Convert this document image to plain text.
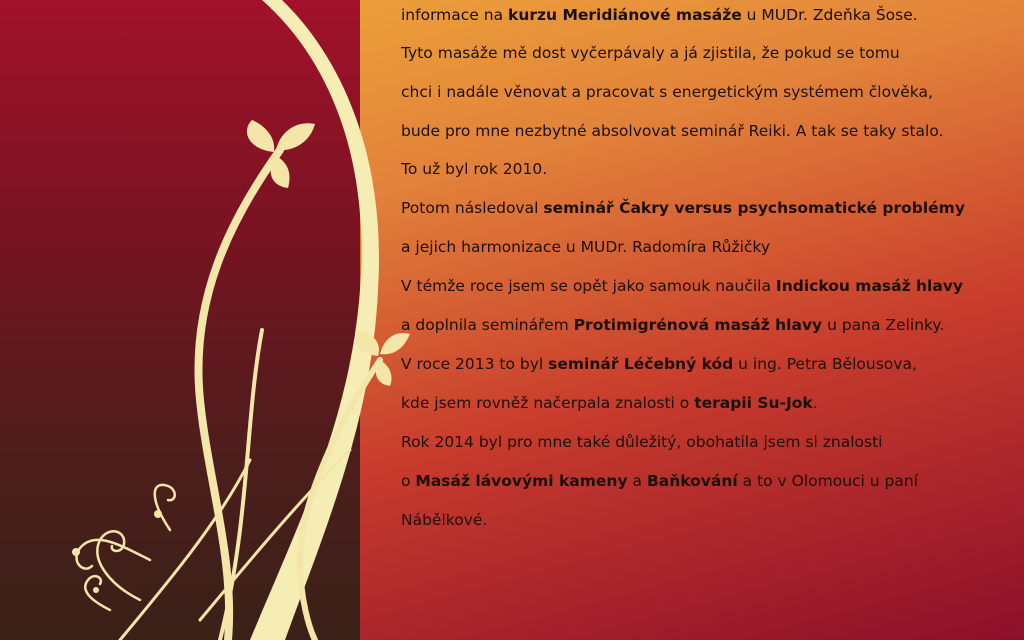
informace na kurzu Meridiánové masáže u MUDr. Zdeňka Šose.
Tyto masáže mě dost vyčerpávaly a já zjistila, že pokud se tomu
chci i nadále věnovat a pracovat s energetickým systémem člověka,
bude pro mne nezbytné absolvovat seminář Reiki. A tak se taky stalo.
To už byl rok 2010.
Potom následoval seminář Čakry versus psychsomatické problémy
a jejich harmonizace u MUDr. Radomíra Růžičky
V témže roce jsem se opět jako samouk naučila Indickou masáž hlavy
a doplnila seminářem Protimigrénová masáž hlavy u pana Zelinky.
V roce 2013 to byl seminář Léčebný kód u ing. Petra Bělousova,
kde jsem rovněž načerpala znalosti o terapii Su-Jok.
Rok 2014 byl pro mne také důležitý, obohatila jsem si znalosti
o Masáž lávovými kameny a Baňkování a to v Olomouci u paní
Nábělkové.
